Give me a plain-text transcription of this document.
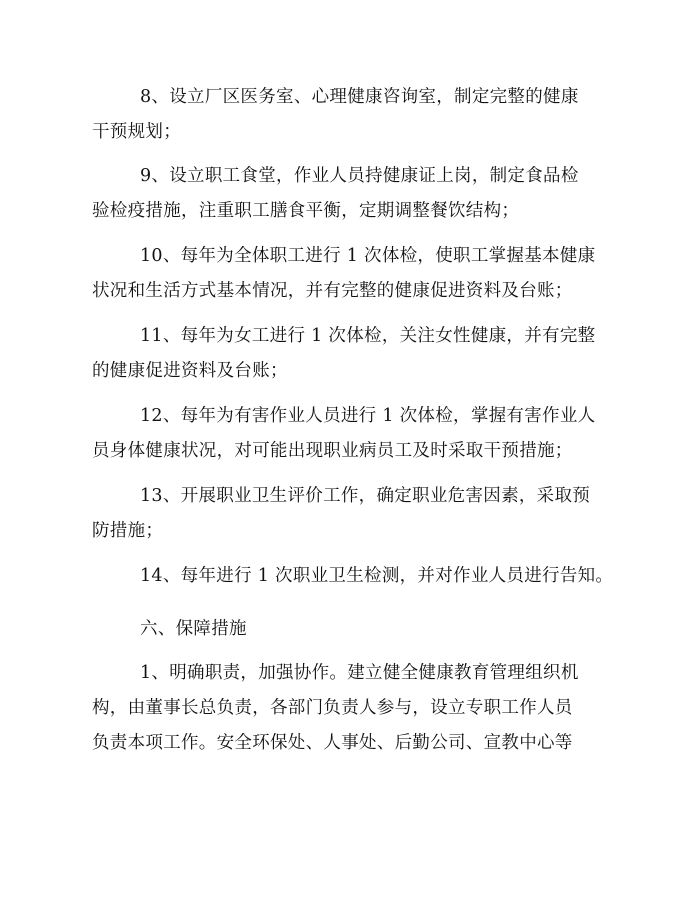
8、设立厂区医务室、心理健康咨询室，制定完整的健康
干预规划；
9、设立职工食堂，作业人员持健康证上岗，制定食品检
验检疫措施，注重职工膳食平衡，定期调整餐饮结构；
10、每年为全体职工进行 1 次体检，使职工掌握基本健康
状况和生活方式基本情况，并有完整的健康促进资料及台账；
11、每年为女工进行 1 次体检，关注女性健康，并有完整
的健康促进资料及台账；
12、每年为有害作业人员进行 1 次体检，掌握有害作业人
员身体健康状况，对可能出现职业病员工及时采取干预措施；
13、开展职业卫生评价工作，确定职业危害因素，采取预
防措施；
14、每年进行 1 次职业卫生检测，并对作业人员进行告知。
六、保障措施
1、明确职责，加强协作。建立健全健康教育管理组织机
构，由董事长总负责，各部门负责人参与，设立专职工作人员
负责本项工作。安全环保处、人事处、后勤公司、宣教中心等
